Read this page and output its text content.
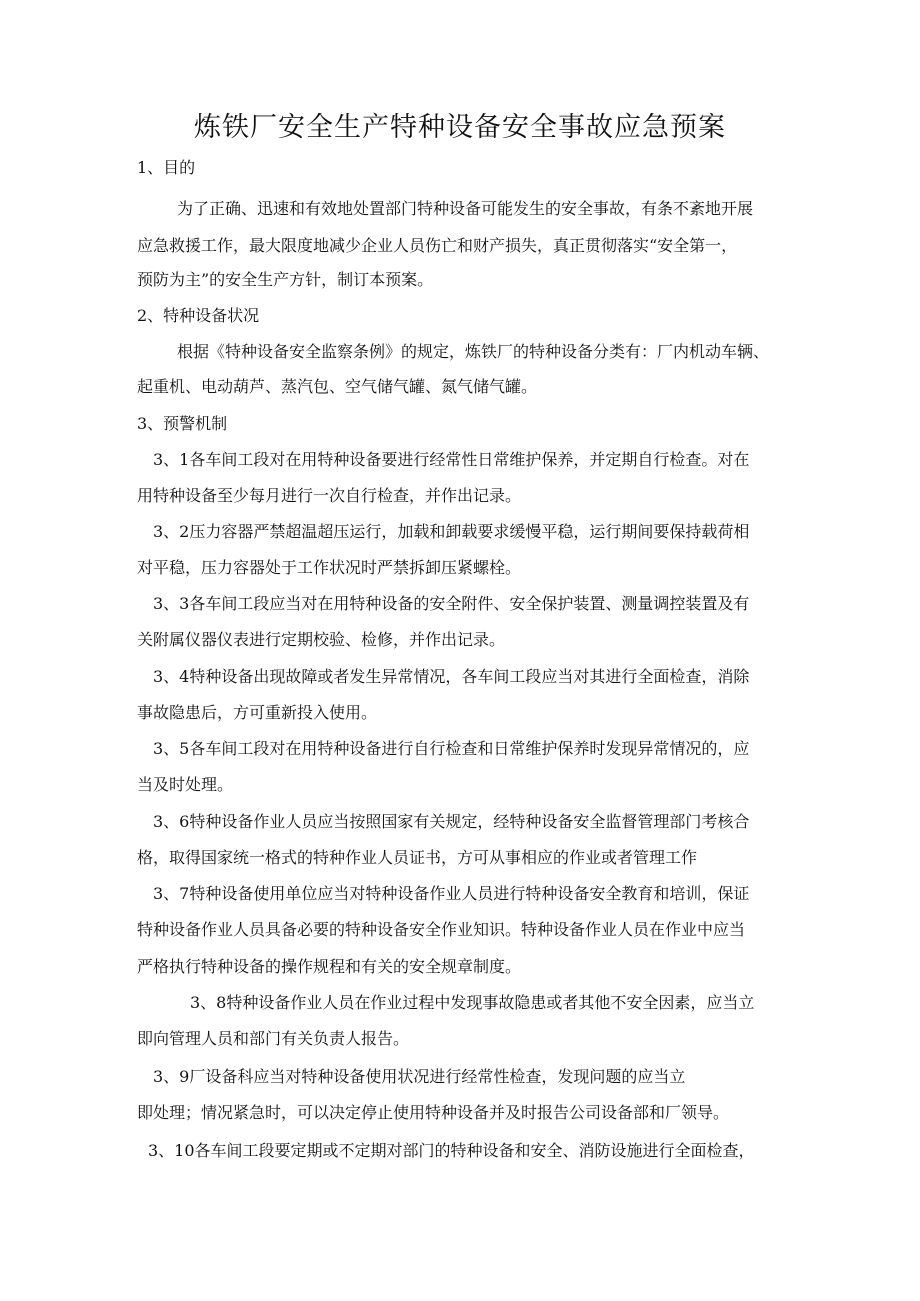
炼铁厂安全生产特种设备安全事故应急预案

1、目的

为了正确、迅速和有效地处置部门特种设备可能发生的安全事故，有条不紊地开展

应急救援工作，最大限度地减少企业人员伤亡和财产损失，真正贯彻落实“安全第一，

预防为主”的安全生产方针，制订本预案。

2、特种设备状况

根据《特种设备安全监察条例》的规定，炼铁厂的特种设备分类有：厂内机动车辆、

起重机、电动葫芦、蒸汽包、空气储气罐、氮气储气罐。

3、预警机制

3、1各车间工段对在用特种设备要进行经常性日常维护保养，并定期自行检查。对在

用特种设备至少每月进行一次自行检查，并作出记录。

3、2压力容器严禁超温超压运行，加载和卸载要求缓慢平稳，运行期间要保持载荷相

对平稳，压力容器处于工作状况时严禁拆卸压紧螺栓。

3、3各车间工段应当对在用特种设备的安全附件、安全保护装置、测量调控装置及有

关附属仪器仪表进行定期校验、检修，并作出记录。

3、4特种设备出现故障或者发生异常情况，各车间工段应当对其进行全面检查，消除

事故隐患后，方可重新投入使用。

3、5各车间工段对在用特种设备进行自行检查和日常维护保养时发现异常情况的，应

当及时处理。

3、6特种设备作业人员应当按照国家有关规定，经特种设备安全监督管理部门考核合

格，取得国家统一格式的特种作业人员证书，方可从事相应的作业或者管理工作

3、7特种设备使用单位应当对特种设备作业人员进行特种设备安全教育和培训，保证

特种设备作业人员具备必要的特种设备安全作业知识。特种设备作业人员在作业中应当

严格执行特种设备的操作规程和有关的安全规章制度。

3、8特种设备作业人员在作业过程中发现事故隐患或者其他不安全因素，应当立

即向管理人员和部门有关负责人报告。

3、9厂设备科应当对特种设备使用状况进行经常性检查，发现问题的应当立

即处理；情况紧急时，可以决定停止使用特种设备并及时报告公司设备部和厂领导。

3、10各车间工段要定期或不定期对部门的特种设备和安全、消防设施进行全面检查，
